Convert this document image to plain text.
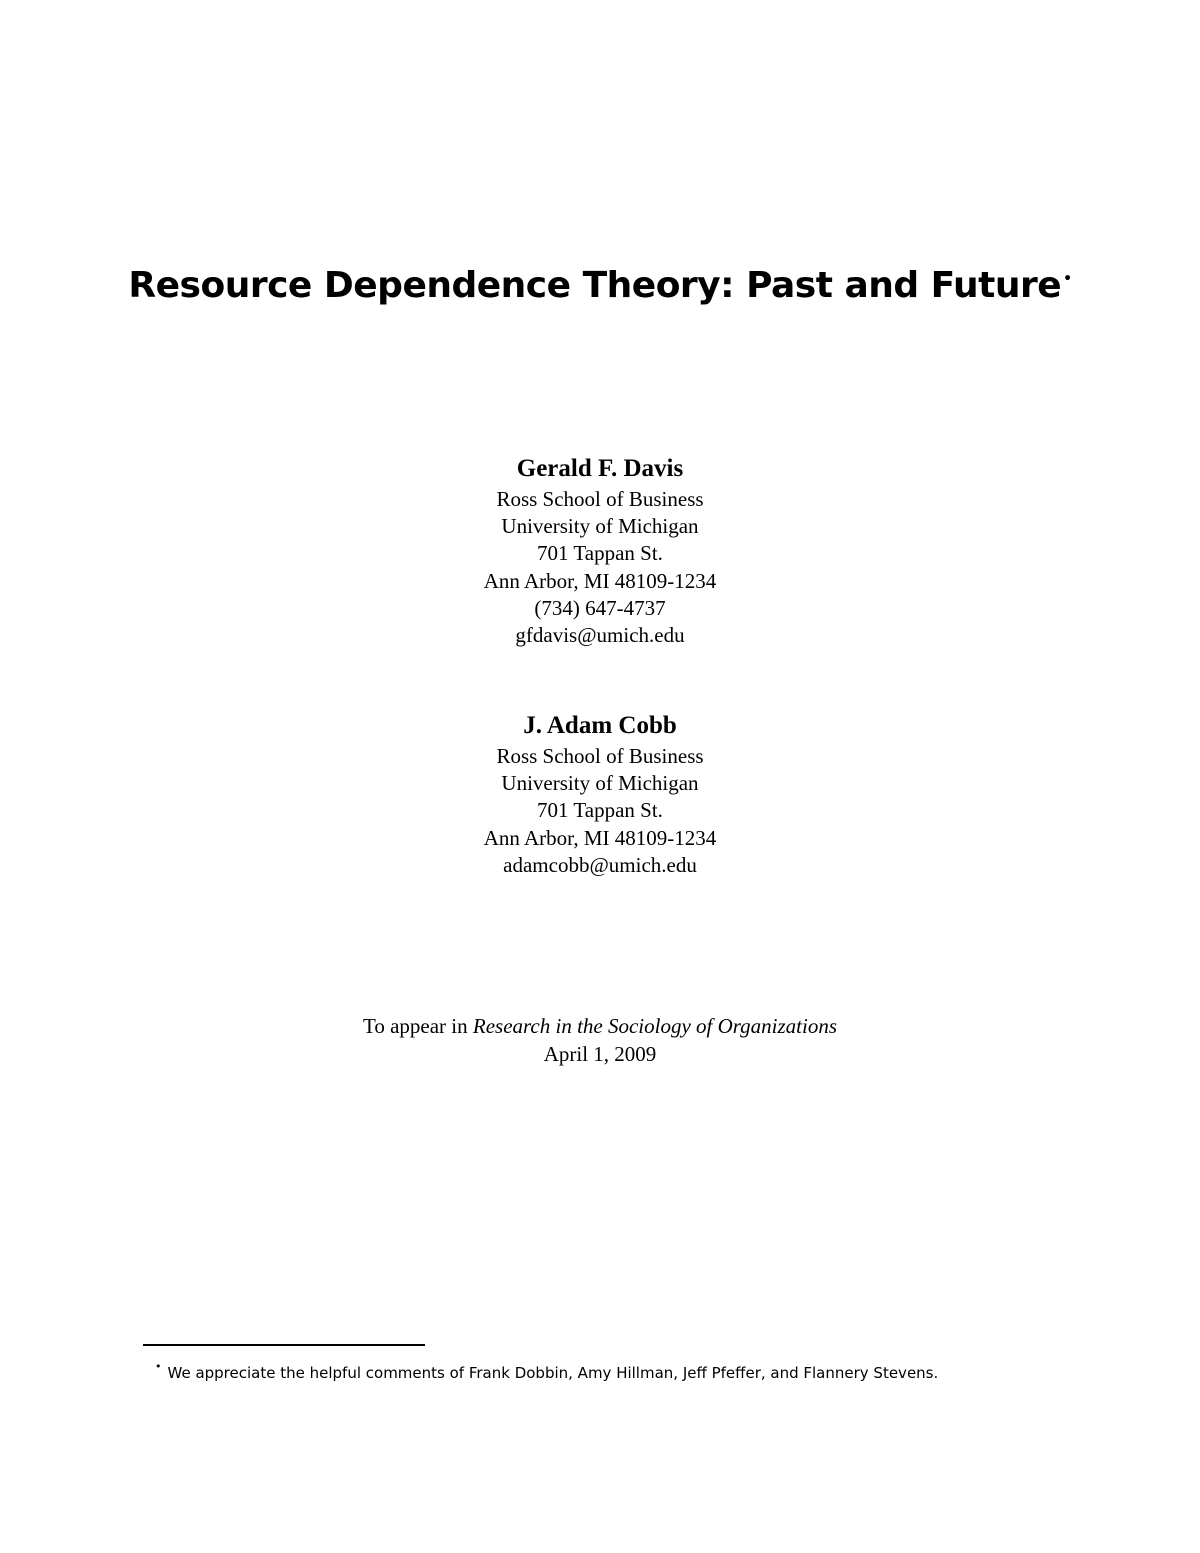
Resource Dependence Theory: Past and Future •

Gerald F. Davis

Ross School of Business

University of Michigan

701 Tappan St.

Ann Arbor, MI 48109-1234

(734) 647-4737

gfdavis@umich.edu

J. Adam Cobb

Ross School of Business

University of Michigan

701 Tappan St.

Ann Arbor, MI 48109-1234

adamcobb@umich.edu

To appear in Research in the Sociology of Organizations
April 1, 2009
• We appreciate the helpful comments of Frank Dobbin, Amy Hillman, Jeff Pfeffer, and Flannery Stevens.
